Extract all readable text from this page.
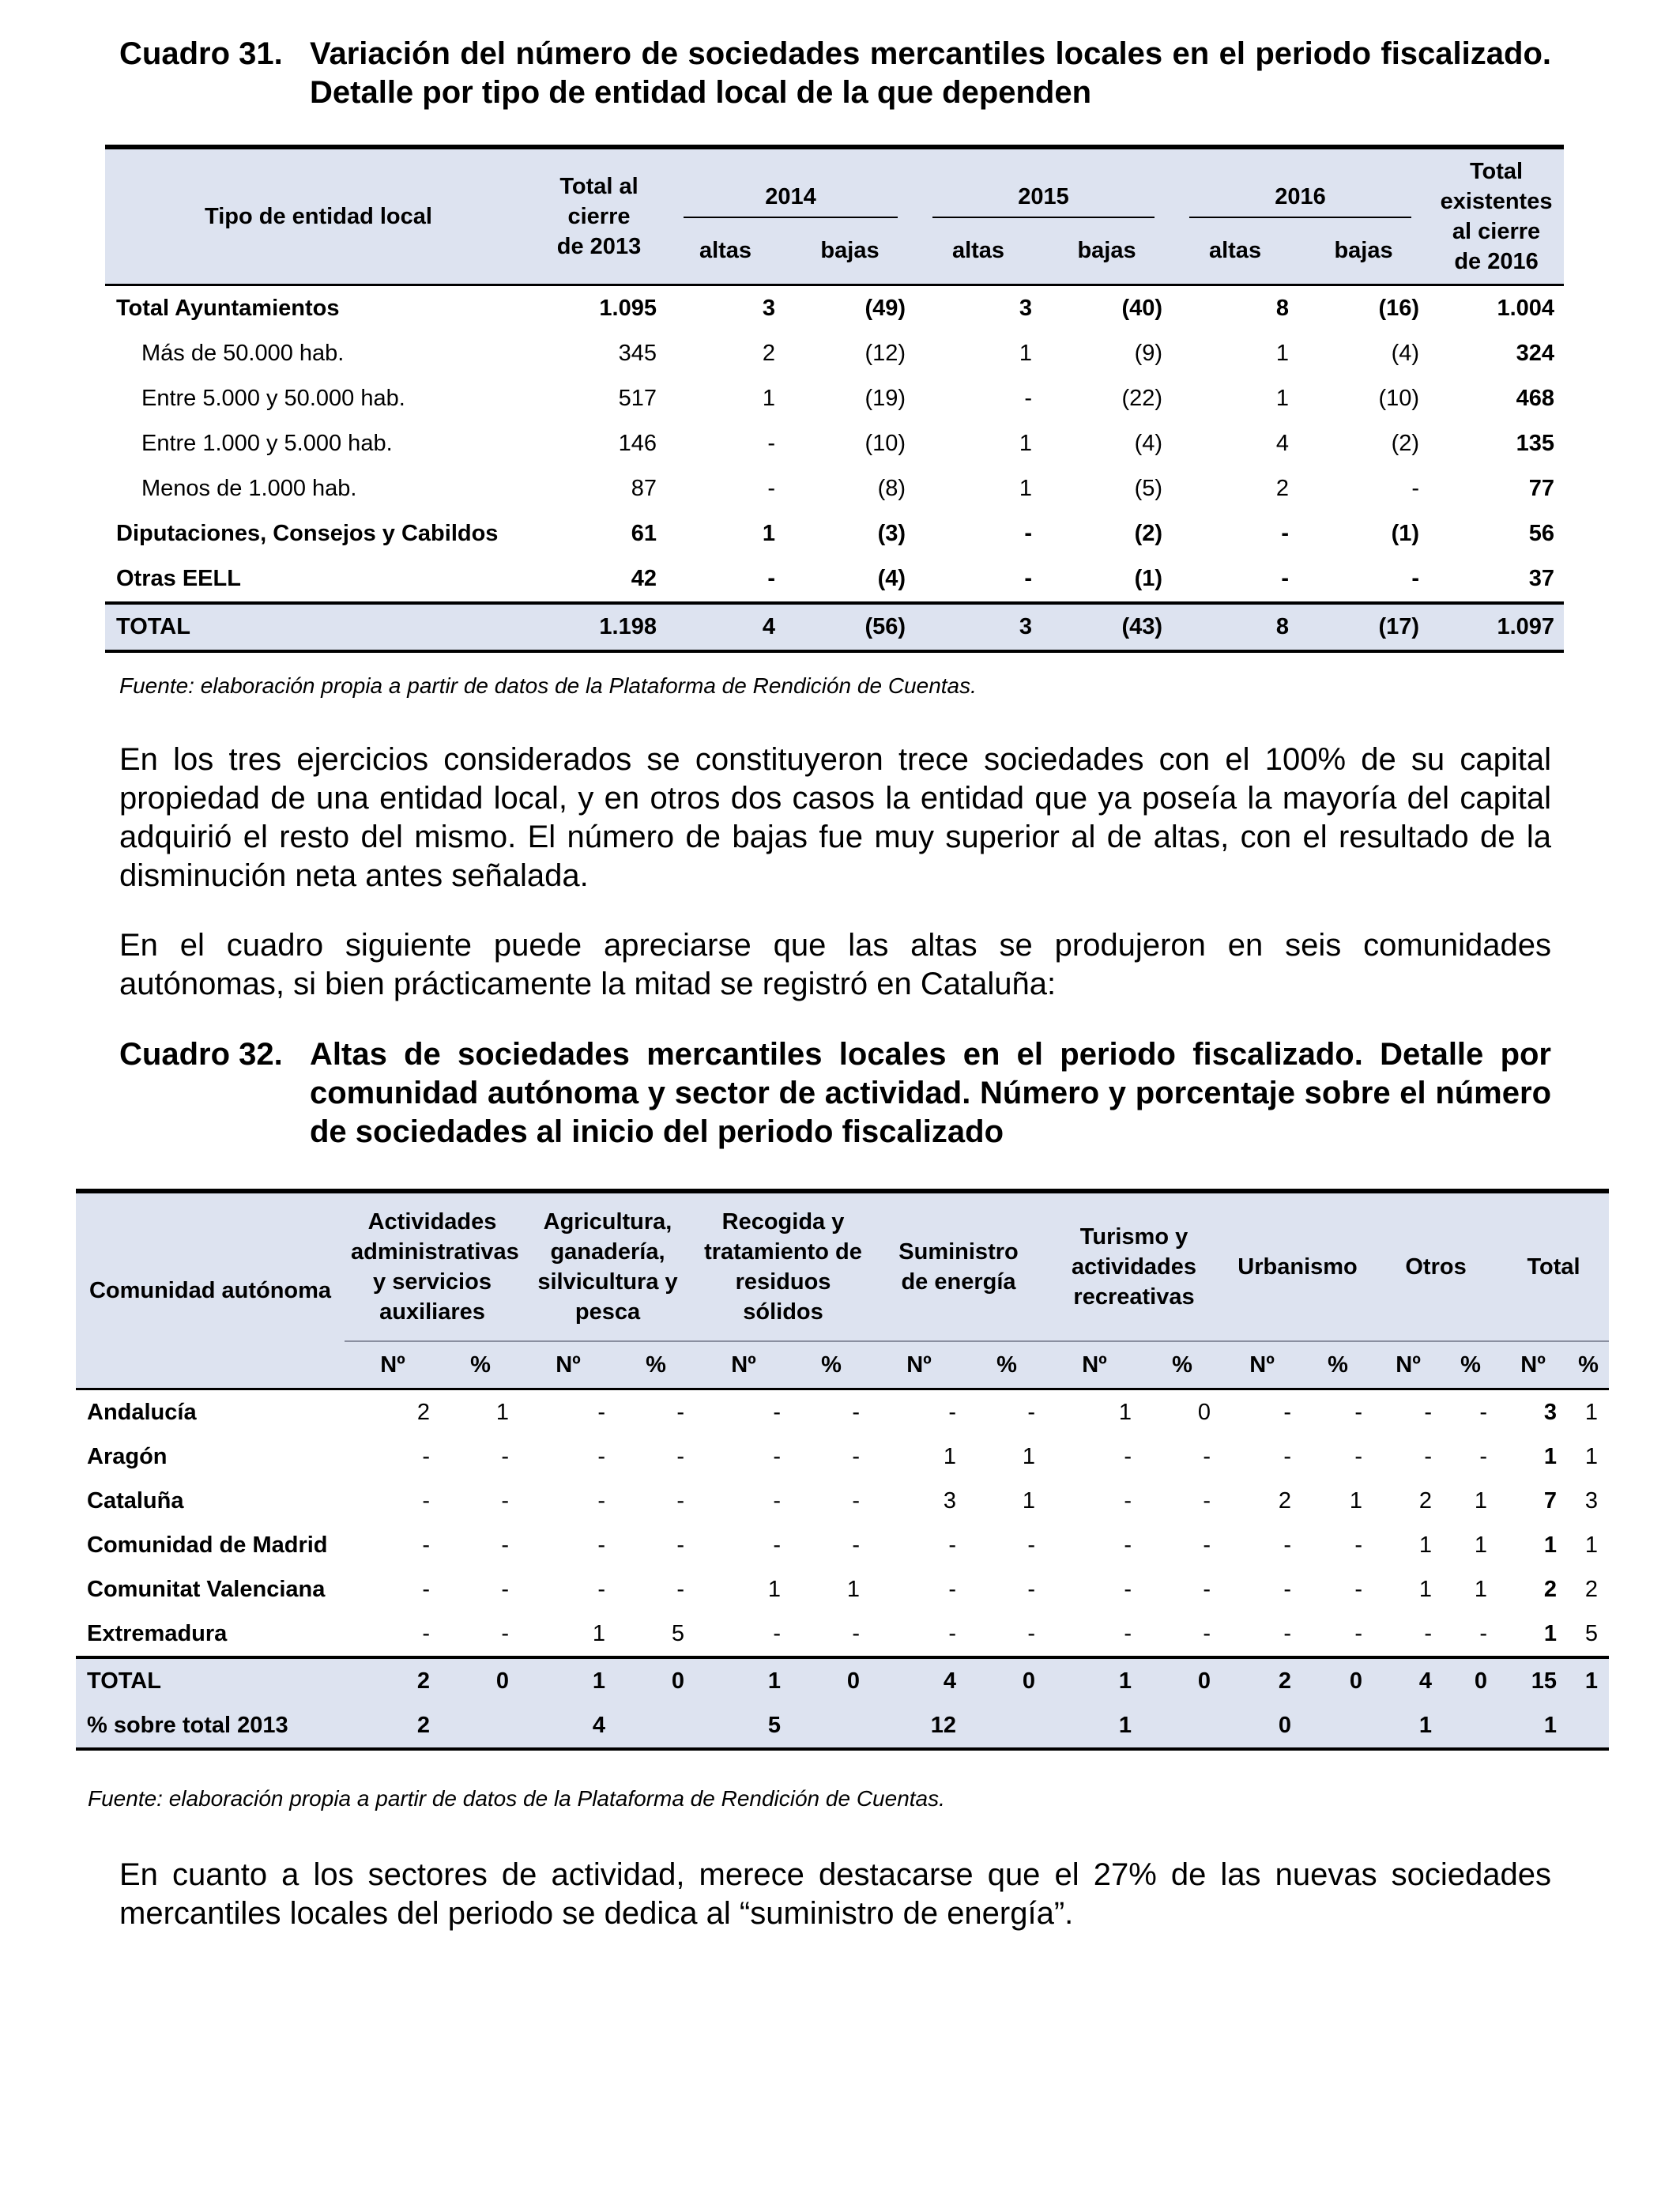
Cuadro 31. Variación del número de sociedades mercantiles locales en el periodo fiscalizado. Detalle por tipo de entidad local de la que dependen
Tipo de entidad local	Total al cierre de 2013	2014		2015		2016		Total existentes al cierre de 2016
		altas	bajas	altas	bajas	altas	bajas	
Total Ayuntamientos	1.095	3	(49)	3	(40)	8	(16)	1.004
Más de 50.000 hab.	345	2	(12)	1	(9)	1	(4)	324
Entre 5.000 y 50.000 hab.	517	1	(19)	-	(22)	1	(10)	468
Entre 1.000 y 5.000 hab.	146	-	(10)	1	(4)	4	(2)	135
Menos de 1.000 hab.	87	-	(8)	1	(5)	2	-	77
Diputaciones, Consejos y Cabildos	61	1	(3)	-	(2)	-	(1)	56
Otras EELL	42	-	(4)	-	(1)	-	-	37
TOTAL	1.198	4	(56)	3	(43)	8	(17)	1.097
Fuente: elaboración propia a partir de datos de la Plataforma de Rendición de Cuentas.

En los tres ejercicios considerados se constituyeron trece sociedades con el 100% de su capital propiedad de una entidad local, y en otros dos casos la entidad que ya poseía la mayoría del capital adquirió el resto del mismo. El número de bajas fue muy superior al de altas, con el resultado de la disminución neta antes señalada.

En el cuadro siguiente puede apreciarse que las altas se produjeron en seis comunidades autónomas, si bien prácticamente la mitad se registró en Cataluña:

Cuadro 32. Altas de sociedades mercantiles locales en el periodo fiscalizado. Detalle por comunidad autónoma y sector de actividad. Número y porcentaje sobre el número de sociedades al inicio del periodo fiscalizado
Comunidad autónoma	Actividades administrativas y servicios auxiliares		Agricultura, ganadería, silvicultura y pesca		Recogida y tratamiento de residuos sólidos		Suministro de energía		Turismo y actividades recreativas		Urbanismo		Otros		Total	
	Nº	%	Nº	%	Nº	%	Nº	%	Nº	%	Nº	%	Nº	%	Nº	%
Andalucía	2	1	-	-	-	-	-	-	1	0	-	-	-	-	3	1
Aragón	-	-	-	-	-	-	1	1	-	-	-	-	-	-	1	1
Cataluña	-	-	-	-	-	-	3	1	-	-	2	1	2	1	7	3
Comunidad de Madrid	-	-	-	-	-	-	-	-	-	-	-	-	1	1	1	1
Comunitat Valenciana	-	-	-	-	1	1	-	-	-	-	-	-	1	1	2	2
Extremadura	-	-	1	5	-	-	-	-	-	-	-	-	-	-	1	5
TOTAL	2	0	1	0	1	0	4	0	1	0	2	0	4	0	15	1
% sobre total 2013	2		4		5		12		1		0		1		1	
Fuente: elaboración propia a partir de datos de la Plataforma de Rendición de Cuentas.

En cuanto a los sectores de actividad, merece destacarse que el 27% de las nuevas sociedades mercantiles locales del periodo se dedica al “suministro de energía”.
